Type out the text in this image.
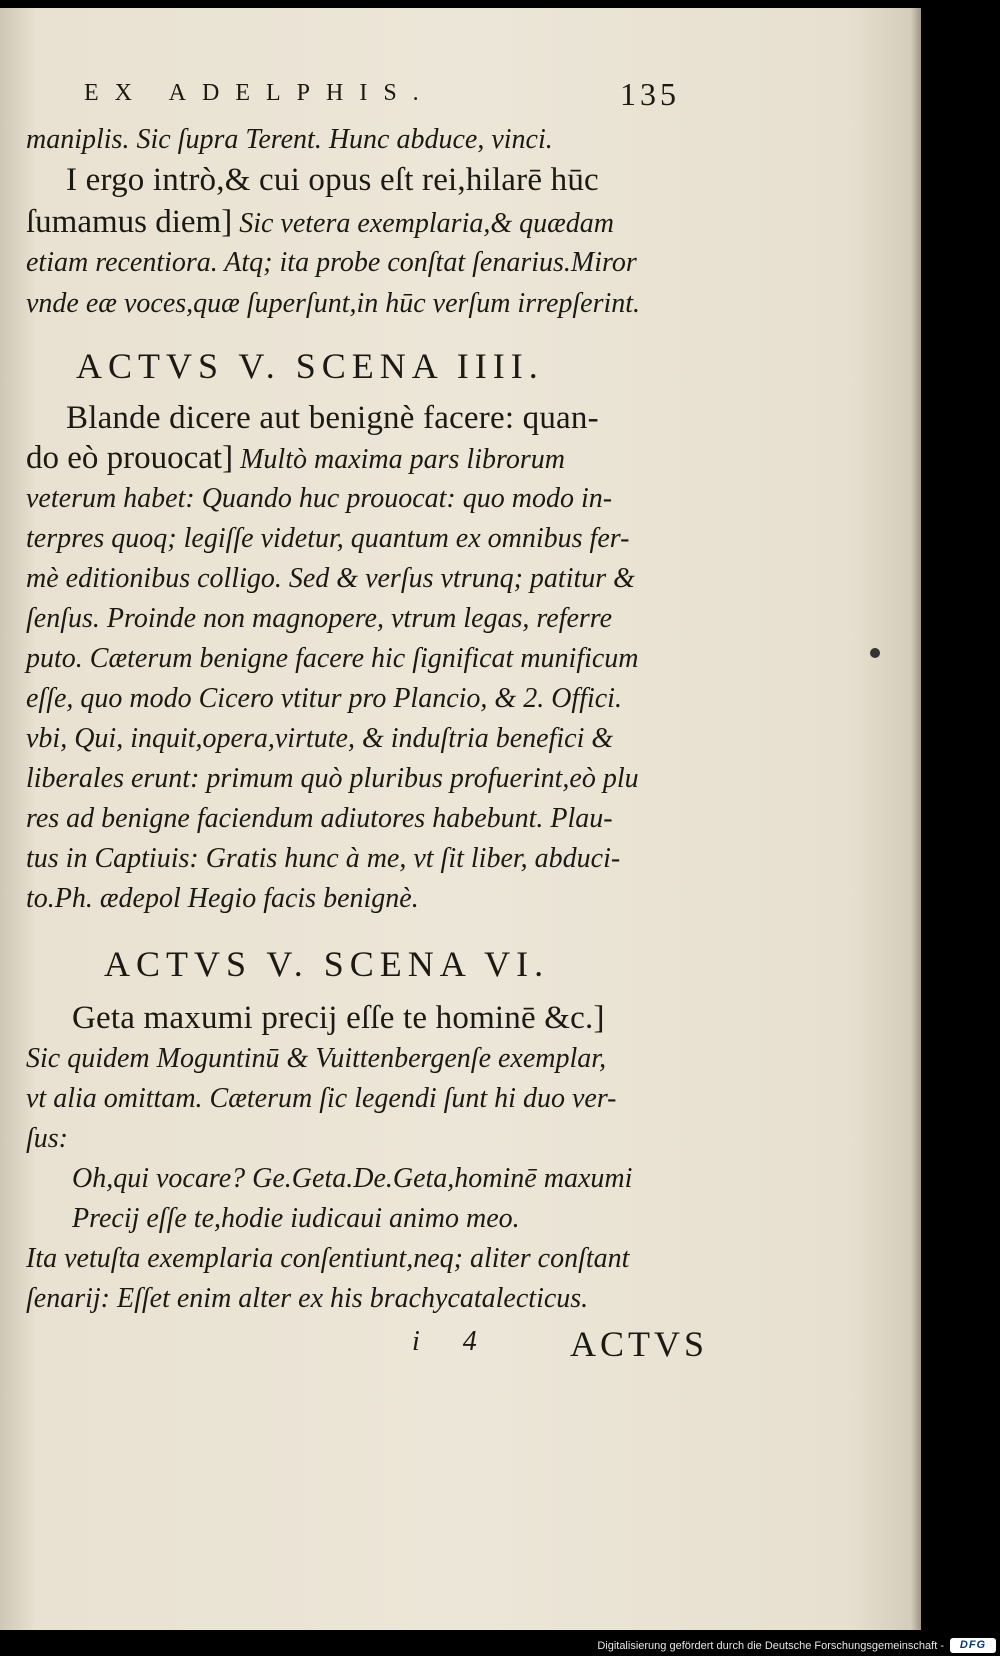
EX ADELPHIS.	135
maniplis. Sic ſupra Terent. Hunc abduce, vinci.
I ergo intrò,& cui opus eſt rei,hilarē hūc
ſumamus diem] Sic vetera exemplaria,& quædam
etiam recentiora. Atq; ita probe conſtat ſenarius.Miror
vnde eæ voces,quæ ſuperſunt,in hūc verſum irrepſerint.
ACTVS V. SCENA IIII.
Blande dicere aut benignè facere: quan-
do eò prouocat] Multò maxima pars librorum
veterum habet: Quando huc prouocat: quo modo in-
terpres quoq; legiſſe videtur, quantum ex omnibus fer-
mè editionibus colligo. Sed & verſus vtrunq; patitur &
ſenſus. Proinde non magnopere, vtrum legas, referre
puto. Cæterum benigne facere hic ſignificat munificum
eſſe, quo modo Cicero vtitur pro Plancio, & 2. Offici.
vbi, Qui, inquit,opera,virtute, & induſtria benefici &
liberales erunt: primum quò pluribus profuerint,eò plu
res ad benigne faciendum adiutores habebunt. Plau-
tus in Captiuis: Gratis hunc à me, vt ſit liber, abduci-
to.Ph. ædepol Hegio facis benignè.
ACTVS V. SCENA VI.
Geta maxumi precij eſſe te hominē &c.]
Sic quidem Moguntinū & Vuittenbergenſe exemplar,
vt alia omittam. Cæterum ſic legendi ſunt hi duo ver-
ſus:
Oh,qui vocare? Ge.Geta.De.Geta,hominē maxumi
Precij eſſe te,hodie iudicaui animo meo.
Ita vetuſta exemplaria conſentiunt,neq; aliter conſtant
ſenarij: Eſſet enim alter ex his brachycatalecticus.
i 4 ACTVS
Digitalisierung gefördert durch die Deutsche Forschungsgemeinschaft -	DFG
